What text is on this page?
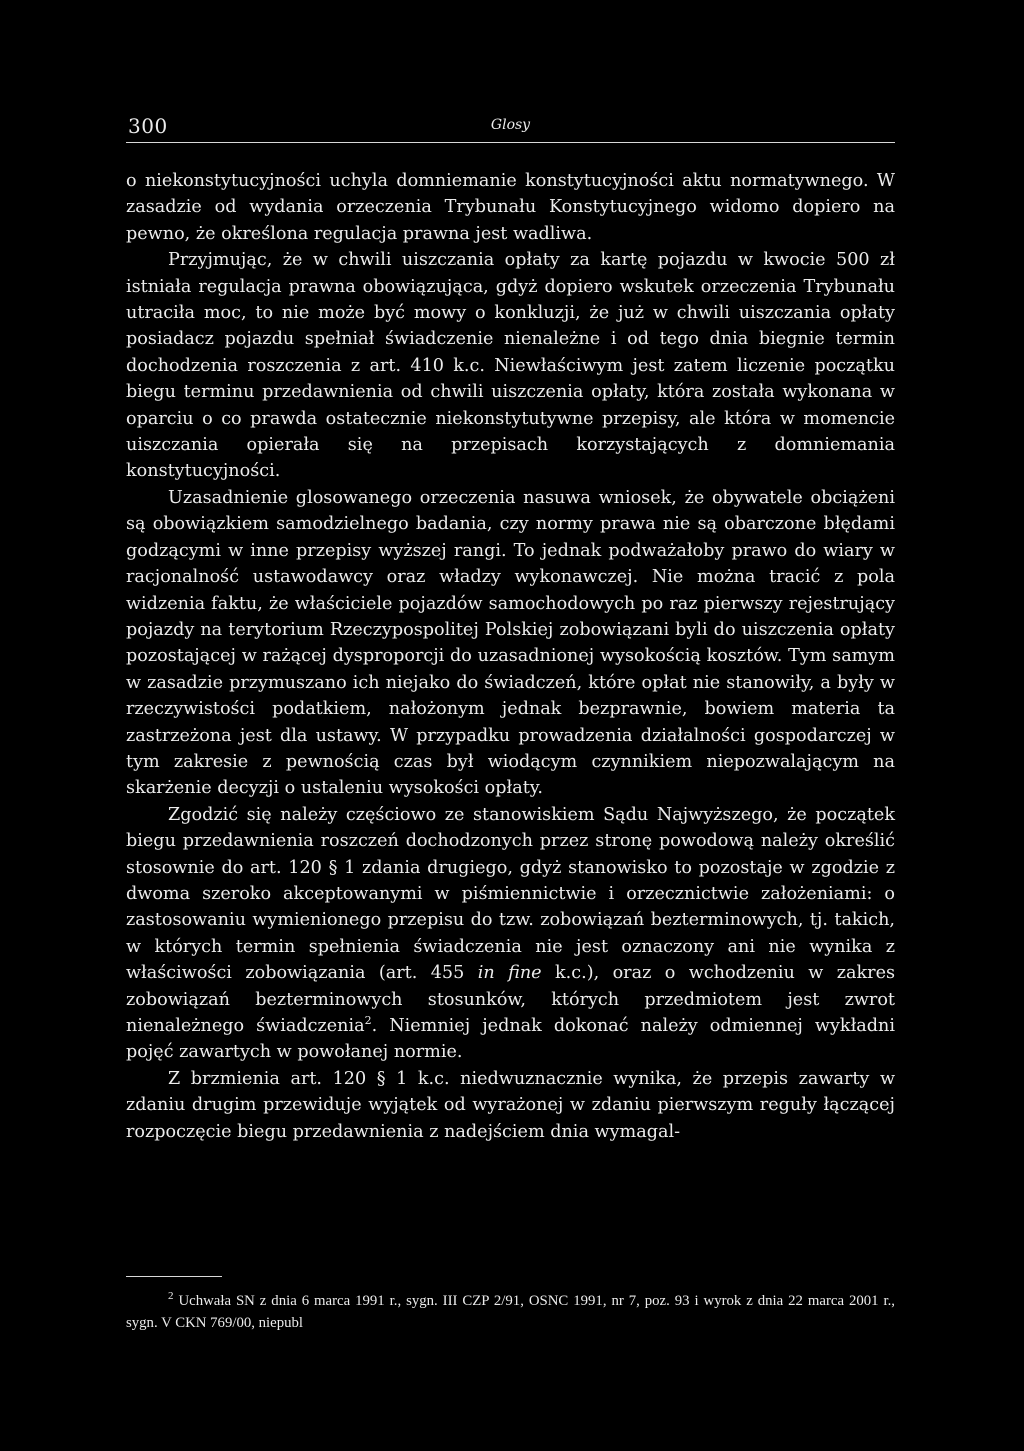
300	Glosy

o niekonstytucyjności uchyla domniemanie konstytucyjności aktu normatywnego. W zasadzie od wydania orzeczenia Trybunału Konstytucyjnego widomo dopiero na pewno, że określona regulacja prawna jest wadliwa.

Przyjmując, że w chwili uiszczania opłaty za kartę pojazdu w kwocie 500 zł istniała regulacja prawna obowiązująca, gdyż dopiero wskutek orzeczenia Trybunału utraciła moc, to nie może być mowy o konkluzji, że już w chwili uiszczania opłaty posiadacz pojazdu spełniał świadczenie nienależne i od tego dnia biegnie termin dochodzenia roszczenia z art. 410 k.c. Niewłaściwym jest zatem liczenie początku biegu terminu przedawnienia od chwili uiszczenia opłaty, która została wykonana w oparciu o co prawda ostatecznie niekonstytutywne przepisy, ale która w momencie uiszczania opierała się na przepisach korzystających z domniemania konstytucyjności.

Uzasadnienie glosowanego orzeczenia nasuwa wniosek, że obywatele obciążeni są obowiązkiem samodzielnego badania, czy normy prawa nie są obarczone błędami godzącymi w inne przepisy wyższej rangi. To jednak podważałoby prawo do wiary w racjonalność ustawodawcy oraz władzy wykonawczej. Nie można tracić z pola widzenia faktu, że właściciele pojazdów samochodowych po raz pierwszy rejestrujący pojazdy na terytorium Rzeczypospolitej Polskiej zobowiązani byli do uiszczenia opłaty pozostającej w rażącej dysproporcji do uzasadnionej wysokością kosztów. Tym samym w zasadzie przymuszano ich niejako do świadczeń, które opłat nie stanowiły, a były w rzeczywistości podatkiem, nałożonym jednak bezprawnie, bowiem materia ta zastrzeżona jest dla ustawy. W przypadku prowadzenia działalności gospodarczej w tym zakresie z pewnością czas był wiodącym czynnikiem niepozwalającym na skarżenie decyzji o ustaleniu wysokości opłaty.

Zgodzić się należy częściowo ze stanowiskiem Sądu Najwyższego, że początek biegu przedawnienia roszczeń dochodzonych przez stronę powodową należy określić stosownie do art. 120 § 1 zdania drugiego, gdyż stanowisko to pozostaje w zgodzie z dwoma szeroko akceptowanymi w piśmiennictwie i orzecznictwie założeniami: o zastosowaniu wymienionego przepisu do tzw. zobowiązań bezterminowych, tj. takich, w których termin spełnienia świadczenia nie jest oznaczony ani nie wynika z właściwości zobowiązania (art. 455 in fine k.c.), oraz o wchodzeniu w zakres zobowiązań bezterminowych stosunków, których przedmiotem jest zwrot nienależnego świadczenia$^2$. Niemniej jednak dokonać należy odmiennej wykładni pojęć zawartych w powołanej normie.

Z brzmienia art. 120 § 1 k.c. niedwuznacznie wynika, że przepis zawarty w zdaniu drugim przewiduje wyjątek od wyrażonej w zdaniu pierwszym reguły łączącej rozpoczęcie biegu przedawnienia z nadejściem dnia wymagal-

$^2$ Uchwała SN z dnia 6 marca 1991 r., sygn. III CZP 2/91, OSNC 1991, nr 7, poz. 93 i wyrok z dnia 22 marca 2001 r., sygn. V CKN 769/00, niepubl
